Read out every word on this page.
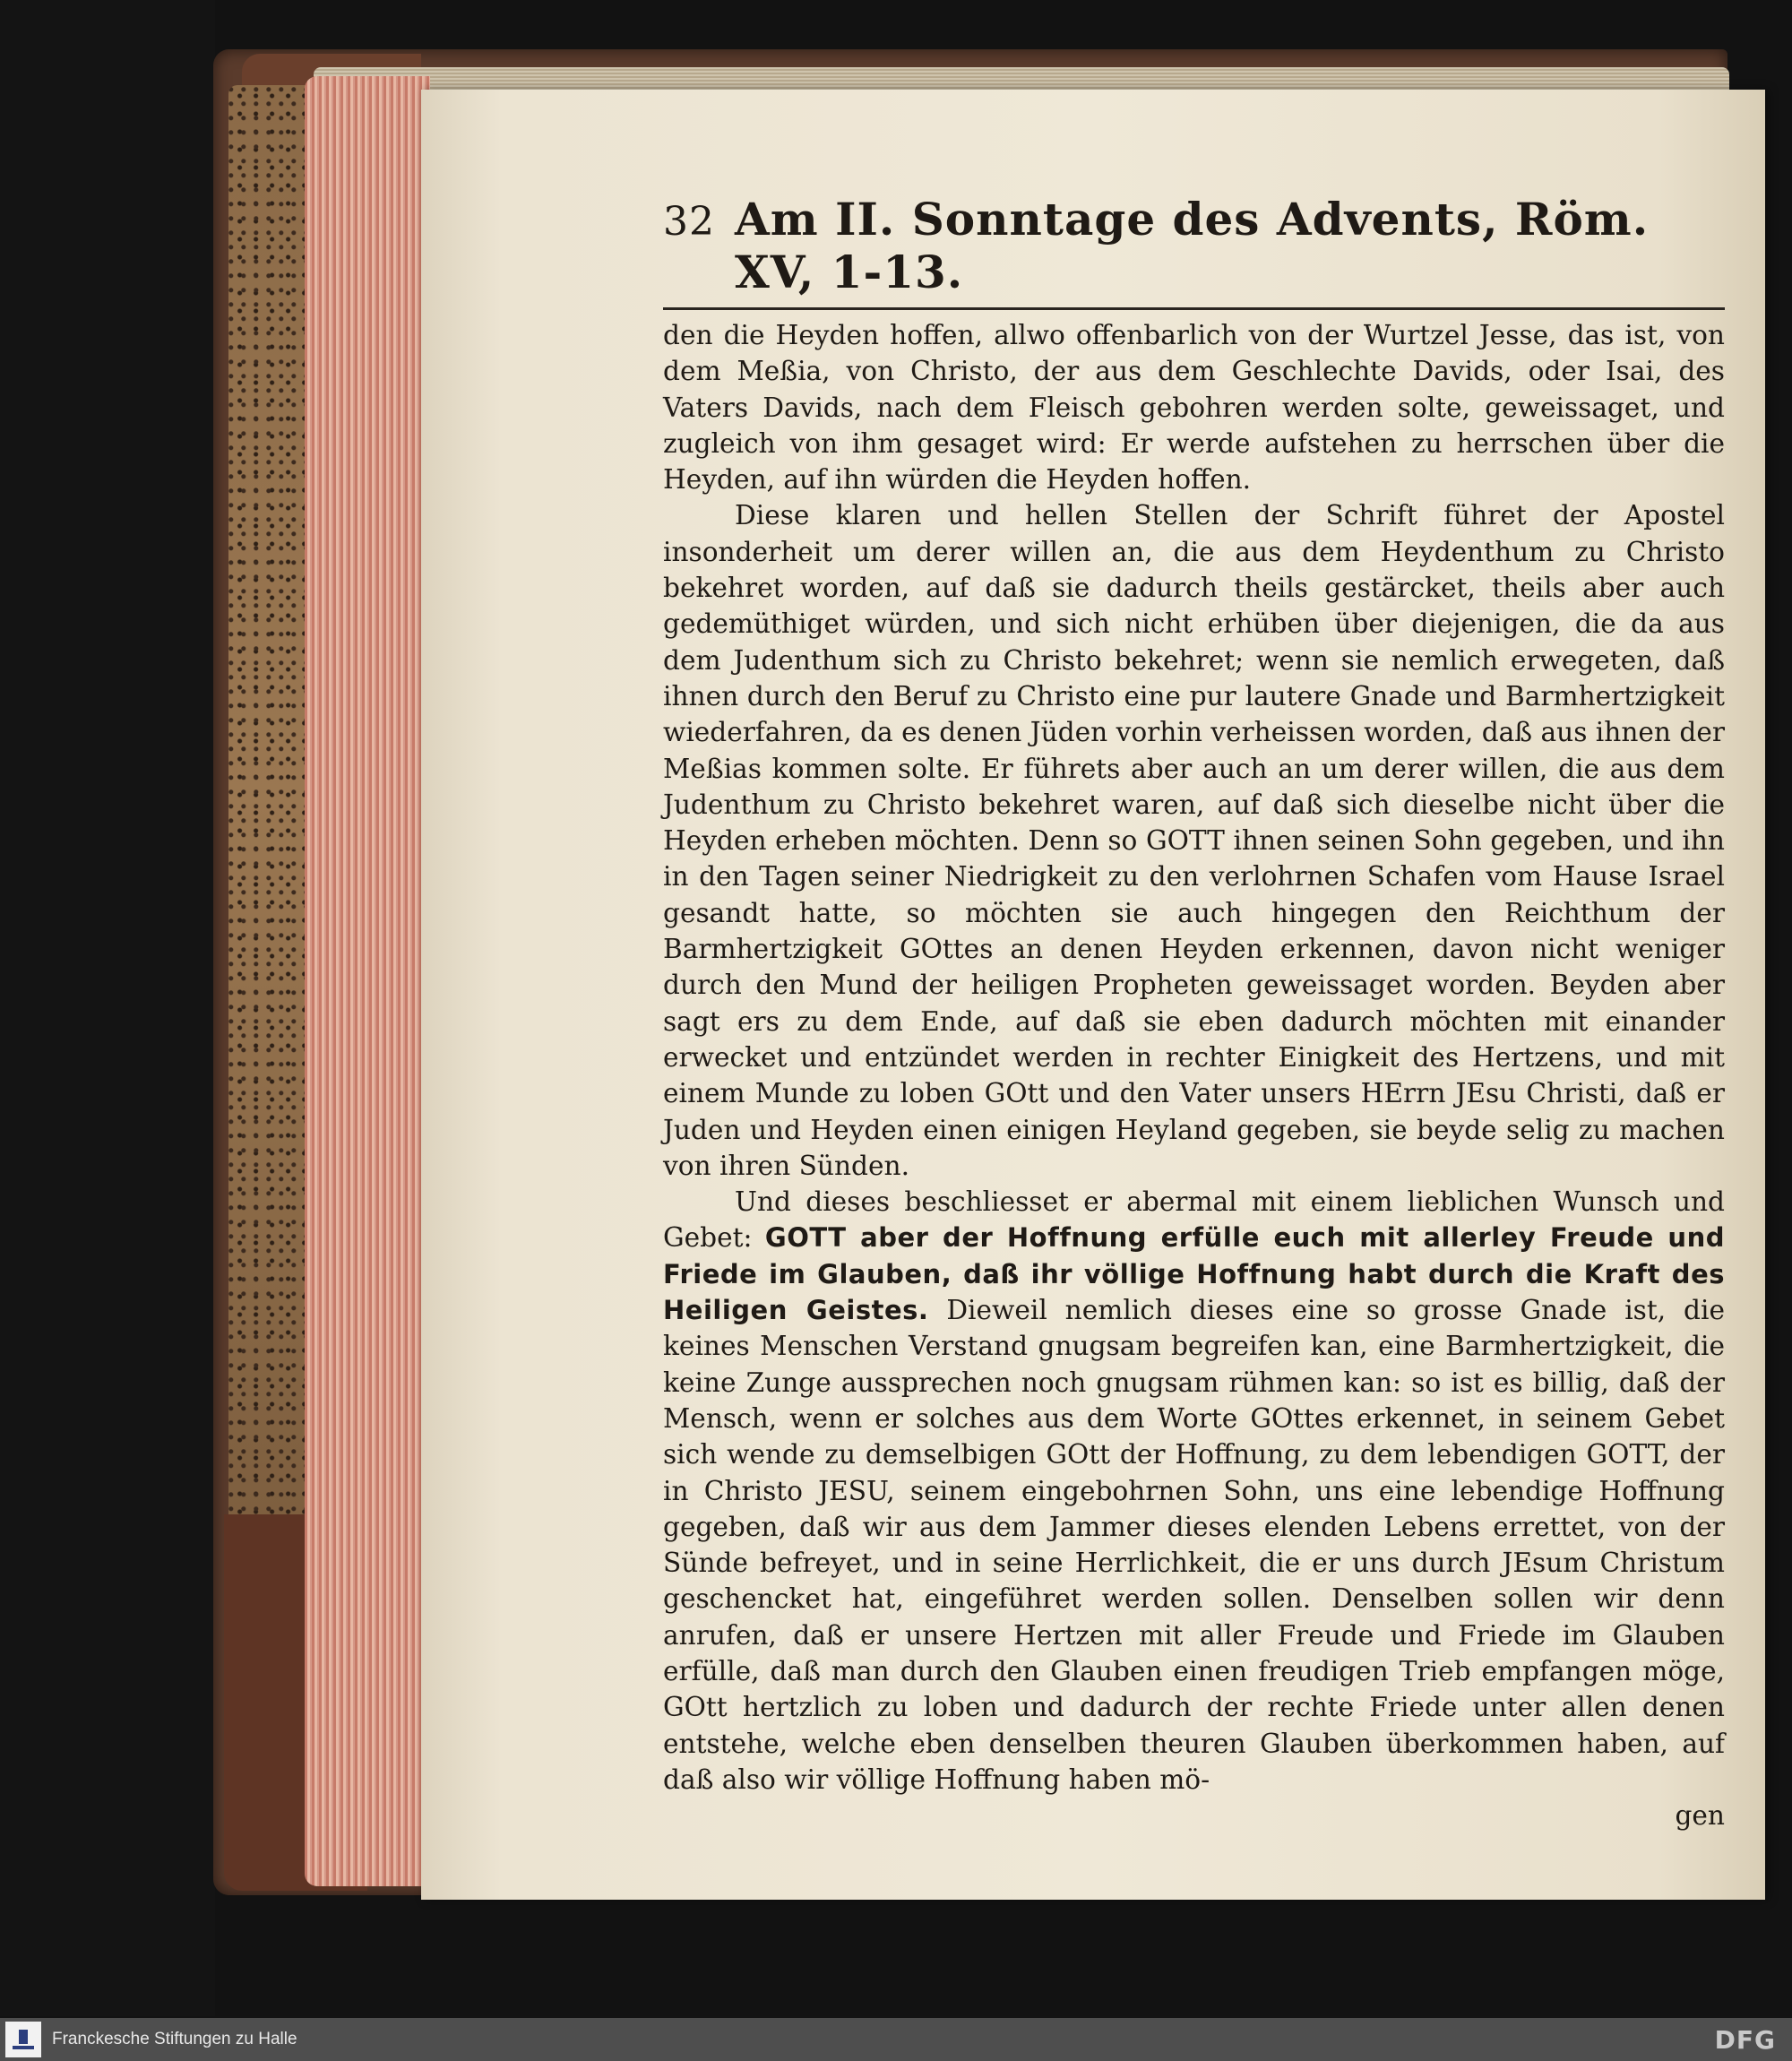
32 Am II. Sonntage des Advents, Röm. XV, 1-13.

den die Heyden hoffen, allwo offenbarlich von der Wurtzel Jesse, das ist, von dem Meßia, von Christo, der aus dem Geschlechte Davids, oder Isai, des Vaters Davids, nach dem Fleisch gebohren werden solte, geweissaget, und zugleich von ihm gesaget wird: Er werde aufstehen zu herrschen über die Heyden, auf ihn würden die Heyden hoffen.

Diese klaren und hellen Stellen der Schrift führet der Apostel insonderheit um derer willen an, die aus dem Heydenthum zu Christo bekehret worden, auf daß sie dadurch theils gestärcket, theils aber auch gedemüthiget würden, und sich nicht erhüben über diejenigen, die da aus dem Judenthum sich zu Christo bekehret; wenn sie nemlich erwegeten, daß ihnen durch den Beruf zu Christo eine pur lautere Gnade und Barmhertzigkeit wiederfahren, da es denen Jüden vorhin verheissen worden, daß aus ihnen der Meßias kommen solte. Er führets aber auch an um derer willen, die aus dem Judenthum zu Christo bekehret waren, auf daß sich dieselbe nicht über die Heyden erheben möchten. Denn so GOTT ihnen seinen Sohn gegeben, und ihn in den Tagen seiner Niedrigkeit zu den verlohrnen Schafen vom Hause Israel gesandt hatte, so möchten sie auch hingegen den Reichthum der Barmhertzigkeit GOttes an denen Heyden erkennen, davon nicht weniger durch den Mund der heiligen Propheten geweissaget worden. Beyden aber sagt ers zu dem Ende, auf daß sie eben dadurch möchten mit einander erwecket und entzündet werden in rechter Einigkeit des Hertzens, und mit einem Munde zu loben GOtt und den Vater unsers HErrn JEsu Christi, daß er Juden und Heyden einen einigen Heyland gegeben, sie beyde selig zu machen von ihren Sünden.

Und dieses beschliesset er abermal mit einem lieblichen Wunsch und Gebet: GOTT aber der Hoffnung erfülle euch mit allerley Freude und Friede im Glauben, daß ihr völlige Hoffnung habt durch die Kraft des Heiligen Geistes. Dieweil nemlich dieses eine so grosse Gnade ist, die keines Menschen Verstand gnugsam begreifen kan, eine Barmhertzigkeit, die keine Zunge aussprechen noch gnugsam rühmen kan: so ist es billig, daß der Mensch, wenn er solches aus dem Worte GOttes erkennet, in seinem Gebet sich wende zu demselbigen GOtt der Hoffnung, zu dem lebendigen GOTT, der in Christo JESU, seinem eingebohrnen Sohn, uns eine lebendige Hoffnung gegeben, daß wir aus dem Jammer dieses elenden Lebens errettet, von der Sünde befreyet, und in seine Herrlichkeit, die er uns durch JEsum Christum geschencket hat, eingeführet werden sollen. Denselben sollen wir denn anrufen, daß er unsere Hertzen mit aller Freude und Friede im Glauben erfülle, daß man durch den Glauben einen freudigen Trieb empfangen möge, GOtt hertzlich zu loben und dadurch der rechte Friede unter allen denen entstehe, welche eben denselben theuren Glauben überkommen haben, auf daß also wir völlige Hoffnung haben mö-

gen
Franckesche Stiftungen zu Halle	DFG
